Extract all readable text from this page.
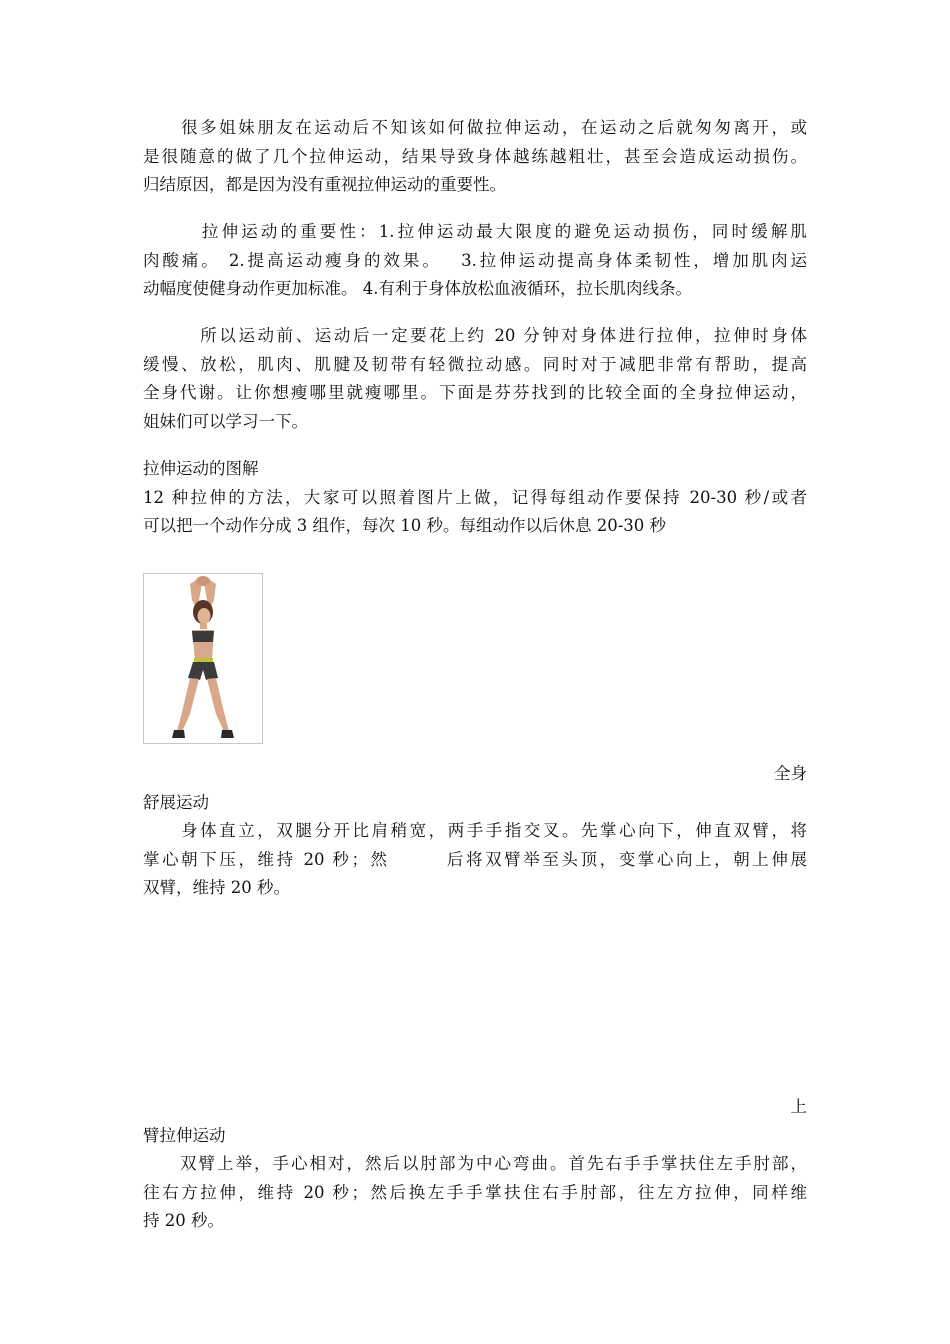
　　很多姐妹朋友在运动后不知该如何做拉伸运动，在运动之后就匆匆离开，或
是很随意的做了几个拉伸运动，结果导致身体越练越粗壮，甚至会造成运动损伤。
归结原因，都是因为没有重视拉伸运动的重要性。
　　　拉伸运动的重要性：1.拉伸运动最大限度的避免运动损伤，同时缓解肌
肉酸痛。 2.提高运动瘦身的效果。　 3.拉伸运动提高身体柔韧性，增加肌肉运
动幅度使健身动作更加标准。 4.有利于身体放松血液循环，拉长肌肉线条。
　　　所以运动前、运动后一定要花上约 20 分钟对身体进行拉伸，拉伸时身体
缓慢、放松，肌肉、肌腱及韧带有轻微拉动感。同时对于减肥非常有帮助，提高
全身代谢。让你想瘦哪里就瘦哪里。下面是芬芬找到的比较全面的全身拉伸运动，
姐妹们可以学习一下。
拉伸运动的图解
12 种拉伸的方法，大家可以照着图片上做，记得每组动作要保持 20-30 秒/或者
可以把一个动作分成 3 组作，每次 10 秒。每组动作以后休息 20-30 秒
全身
舒展运动
　　身体直立，双腿分开比肩稍宽，两手手指交叉。先掌心向下，伸直双臂，将
掌心朝下压，维持 20 秒；然　　　后将双臂举至头顶，变掌心向上，朝上伸展
双臂，维持 20 秒。
上
臂拉伸运动
　　双臂上举，手心相对，然后以肘部为中心弯曲。首先右手手掌扶住左手肘部，
往右方拉伸，维持 20 秒；然后换左手手掌扶住右手肘部，往左方拉伸，同样维
持 20 秒。
